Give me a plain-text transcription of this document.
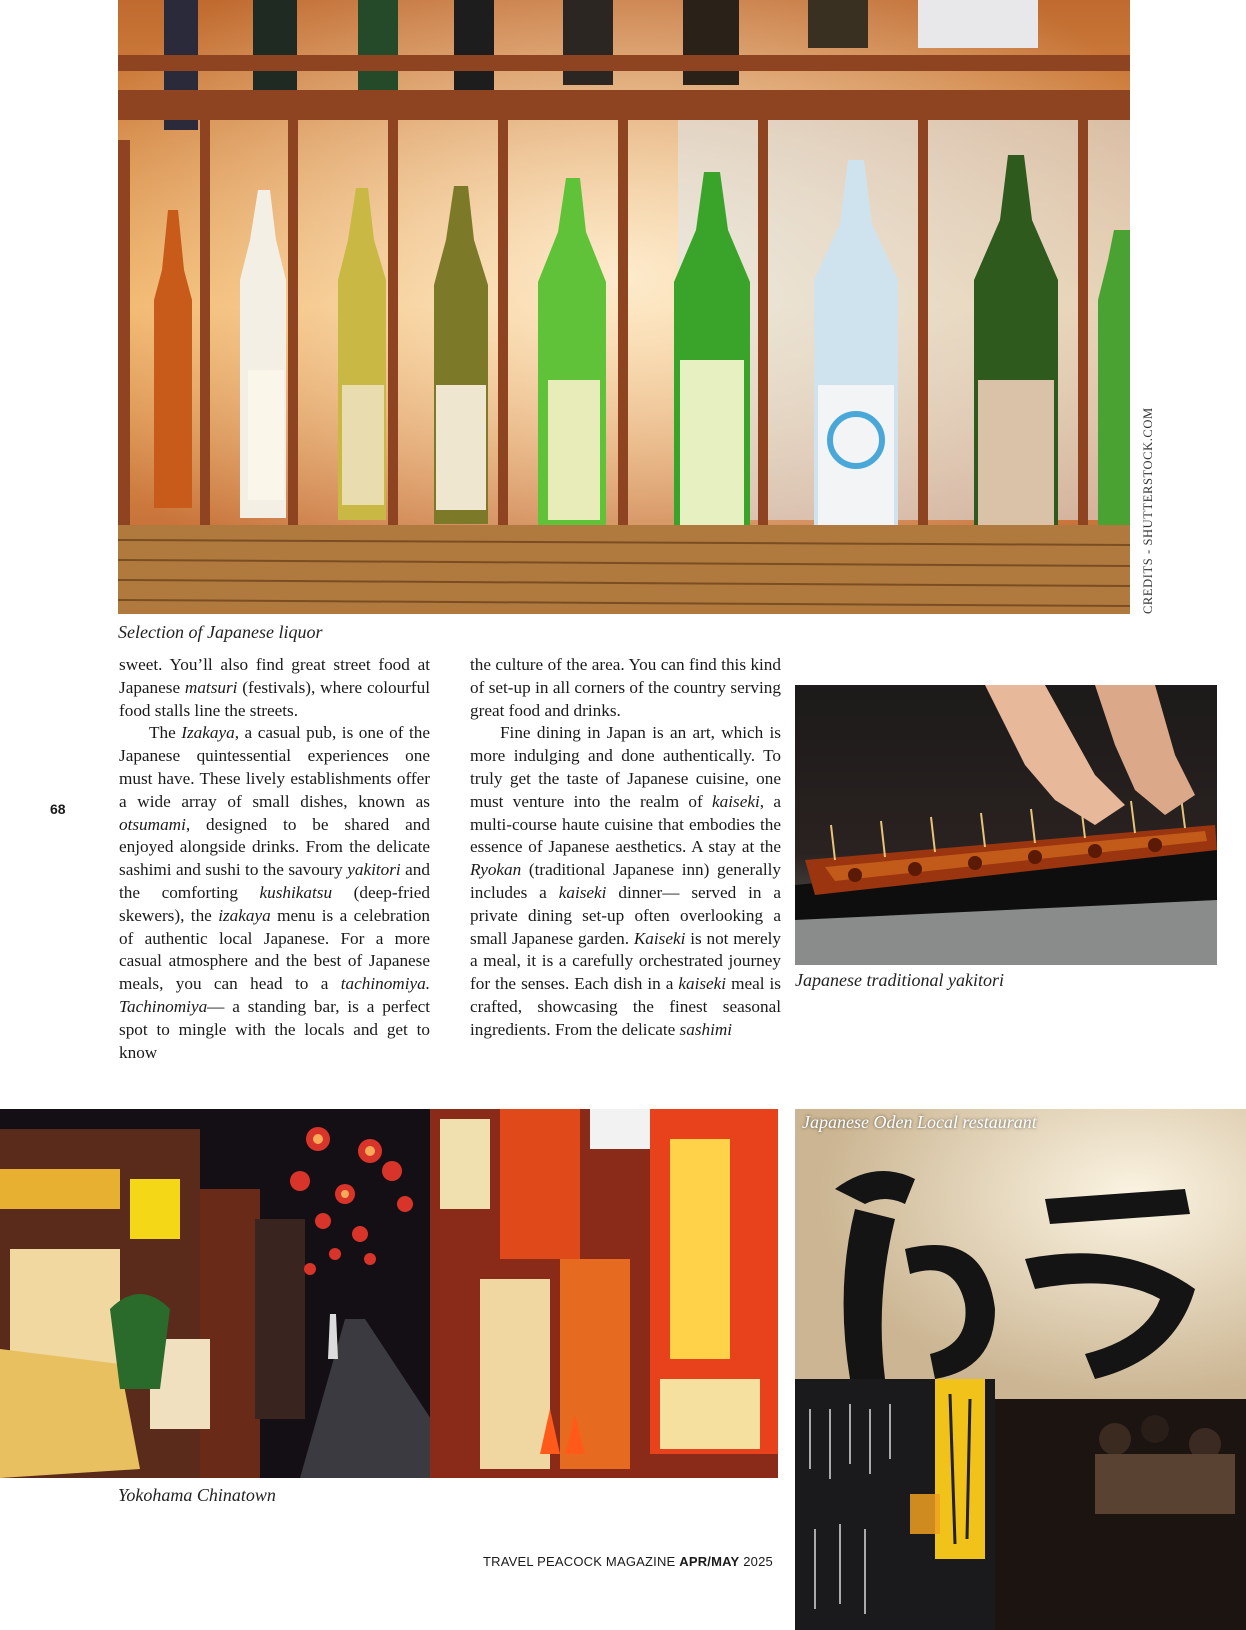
Selection of Japanese liquor
CREDITS - SHUTTERSTOCK.COM
68

sweet. You’ll also find great street food at Japanese matsuri (festivals), where colourful food stalls line the streets.

The Izakaya, a casual pub, is one of the Japanese quintessential experiences one must have. These lively establishments offer a wide array of small dishes, known as otsumami, designed to be shared and enjoyed alongside drinks. From the delicate sashimi and sushi to the savoury yakitori and the comforting kushikatsu (deep-fried skewers), the izakaya menu is a celebration of authentic local Japanese. For a more casual atmosphere and the best of Japanese meals, you can head to a tachinomiya. Tachinomiya— a standing bar, is a perfect spot to mingle with the locals and get to know

the culture of the area. You can find this kind of set-up in all corners of the country serving great food and drinks.

Fine dining in Japan is an art, which is more indulging and done authentically. To truly get the taste of Japanese cuisine, one must venture into the realm of kaiseki, a multi-course haute cuisine that embodies the essence of Japanese aesthetics. A stay at the Ryokan (traditional Japanese inn) generally includes a kaiseki dinner— served in a private dining set-up often overlooking a small Japanese garden. Kaiseki is not merely a meal, it is a carefully orchestrated journey for the senses. Each dish in a kaiseki meal is crafted, showcasing the finest seasonal ingredients. From the delicate sashimi

Japanese traditional yakitori
Yokohama Chinatown
Japanese Oden Local restaurant
TRAVEL PEACOCK MAGAZINE APR/MAY 2025
